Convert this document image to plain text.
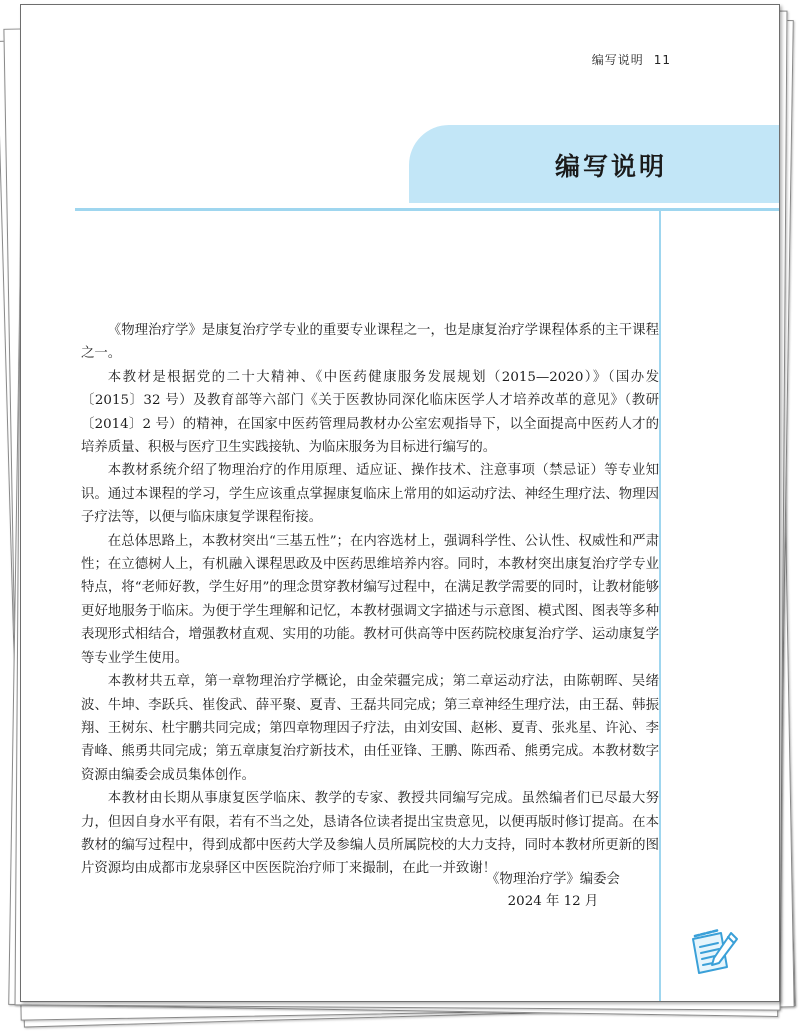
编写说明 11
编写说明

《物理治疗学》是康复治疗学专业的重要专业课程之一，也是康复治疗学课程体系的主干课程之一。

本教材是根据党的二十大精神、《中医药健康服务发展规划（2015—2020）》（国办发〔2015〕32 号）及教育部等六部门《关于医教协同深化临床医学人才培养改革的意见》（教研〔2014〕2 号）的精神，在国家中医药管理局教材办公室宏观指导下，以全面提高中医药人才的培养质量、积极与医疗卫生实践接轨、为临床服务为目标进行编写的。

本教材系统介绍了物理治疗的作用原理、适应证、操作技术、注意事项（禁忌证）等专业知识。通过本课程的学习，学生应该重点掌握康复临床上常用的如运动疗法、神经生理疗法、物理因子疗法等，以便与临床康复学课程衔接。

在总体思路上，本教材突出“三基五性”；在内容选材上，强调科学性、公认性、权威性和严肃性；在立德树人上，有机融入课程思政及中医药思维培养内容。同时，本教材突出康复治疗学专业特点，将“老师好教，学生好用”的理念贯穿教材编写过程中，在满足教学需要的同时，让教材能够更好地服务于临床。为便于学生理解和记忆，本教材强调文字描述与示意图、模式图、图表等多种表现形式相结合，增强教材直观、实用的功能。教材可供高等中医药院校康复治疗学、运动康复学等专业学生使用。

本教材共五章，第一章物理治疗学概论，由金荣疆完成；第二章运动疗法，由陈朝晖、吴绪波、牛坤、李跃兵、崔俊武、薛平聚、夏青、王磊共同完成；第三章神经生理疗法，由王磊、韩振翔、王树东、杜宇鹏共同完成；第四章物理因子疗法，由刘安国、赵彬、夏青、张兆星、许沁、李青峰、熊勇共同完成；第五章康复治疗新技术，由任亚锋、王鹏、陈西希、熊勇完成。本教材数字资源由编委会成员集体创作。

本教材由长期从事康复医学临床、教学的专家、教授共同编写完成。虽然编者们已尽最大努力，但因自身水平有限，若有不当之处，恳请各位读者提出宝贵意见，以便再版时修订提高。在本教材的编写过程中，得到成都中医药大学及参编人员所属院校的大力支持，同时本教材所更新的图片资源均由成都市龙泉驿区中医医院治疗师丁来撮制，在此一并致谢！

《物理治疗学》编委会
2024 年 12 月
